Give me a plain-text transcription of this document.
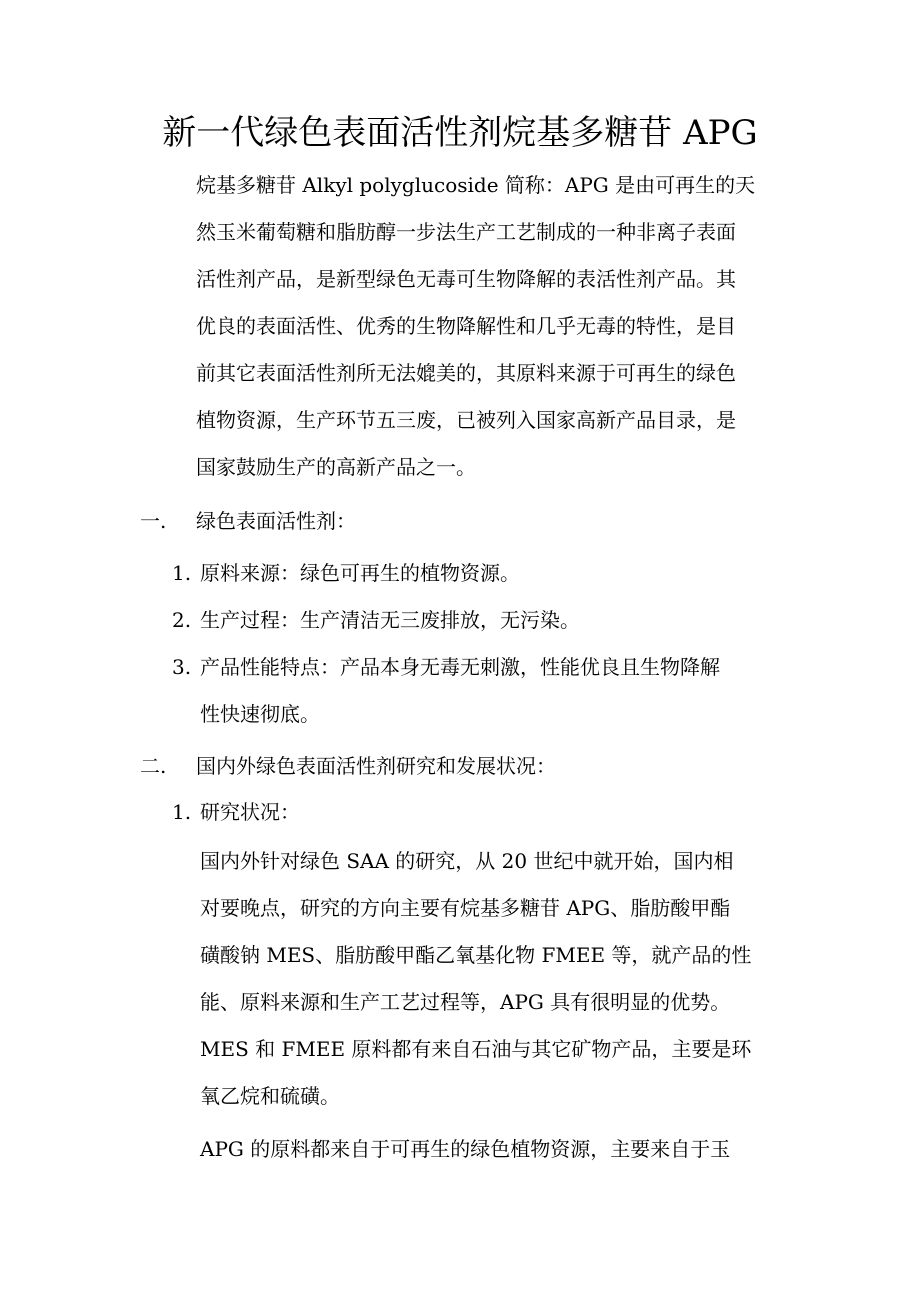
新一代绿色表面活性剂烷基多糖苷 APG
烷基多糖苷 Alkyl polyglucoside 简称：APG 是由可再生的天
然玉米葡萄糖和脂肪醇一步法生产工艺制成的一种非离子表面
活性剂产品，是新型绿色无毒可生物降解的表活性剂产品。其
优良的表面活性、优秀的生物降解性和几乎无毒的特性，是目
前其它表面活性剂所无法媲美的，其原料来源于可再生的绿色
植物资源，生产环节五三废，已被列入国家高新产品目录，是
国家鼓励生产的高新产品之一。
一. 绿色表面活性剂：
1. 原料来源：绿色可再生的植物资源。
2. 生产过程：生产清洁无三废排放，无污染。
3. 产品性能特点：产品本身无毒无刺激，性能优良且生物降解
性快速彻底。
二. 国内外绿色表面活性剂研究和发展状况：
1. 研究状况：
国内外针对绿色 SAA 的研究，从 20 世纪中就开始，国内相
对要晚点，研究的方向主要有烷基多糖苷 APG、脂肪酸甲酯
磺酸钠 MES、脂肪酸甲酯乙氧基化物 FMEE 等，就产品的性
能、原料来源和生产工艺过程等，APG 具有很明显的优势。
MES 和 FMEE 原料都有来自石油与其它矿物产品，主要是环
氧乙烷和硫磺。
APG 的原料都来自于可再生的绿色植物资源，主要来自于玉
